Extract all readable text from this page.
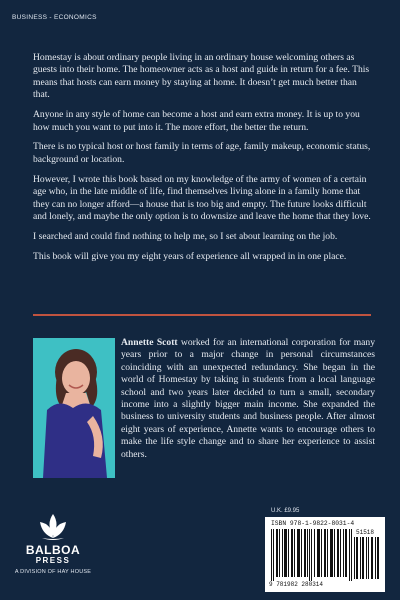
BUSINESS - ECONOMICS

Homestay is about ordinary people living in an ordinary house welcoming others as guests into their home. The homeowner acts as a host and guide in return for a fee. This means that hosts can earn money by staying at home. It doesn’t get much better than that.

Anyone in any style of home can become a host and earn extra money. It is up to you how much you want to put into it. The more effort, the better the return.

There is no typical host or host family in terms of age, family makeup, economic status, background or location.

However, I wrote this book based on my knowledge of the army of women of a certain age who, in the late middle of life, find themselves living alone in a family home that they can no longer afford—a house that is too big and empty. The future looks difficult and lonely, and maybe the only option is to downsize and leave the home that they love.

I searched and could find nothing to help me, so I set about learning on the job.

This book will give you my eight years of experience all wrapped in in one place.

Annette Scott worked for an international corporation for many years prior to a major change in personal circumstances coinciding with an unexpected redundancy. She began in the world of Homestay by taking in students from a local language school and two years later decided to turn a small, secondary income into a slightly bigger main income. She expanded the business to university students and business people. After almost eight years of experience, Annette wants to encourage others to make the life style change and to share her experience to assist others.

BALBOA
PRESS
A DIVISION OF HAY HOUSE
U.K. £9.95
ISBN 978-1-9822-8031-4
51518
9 781982 280314
